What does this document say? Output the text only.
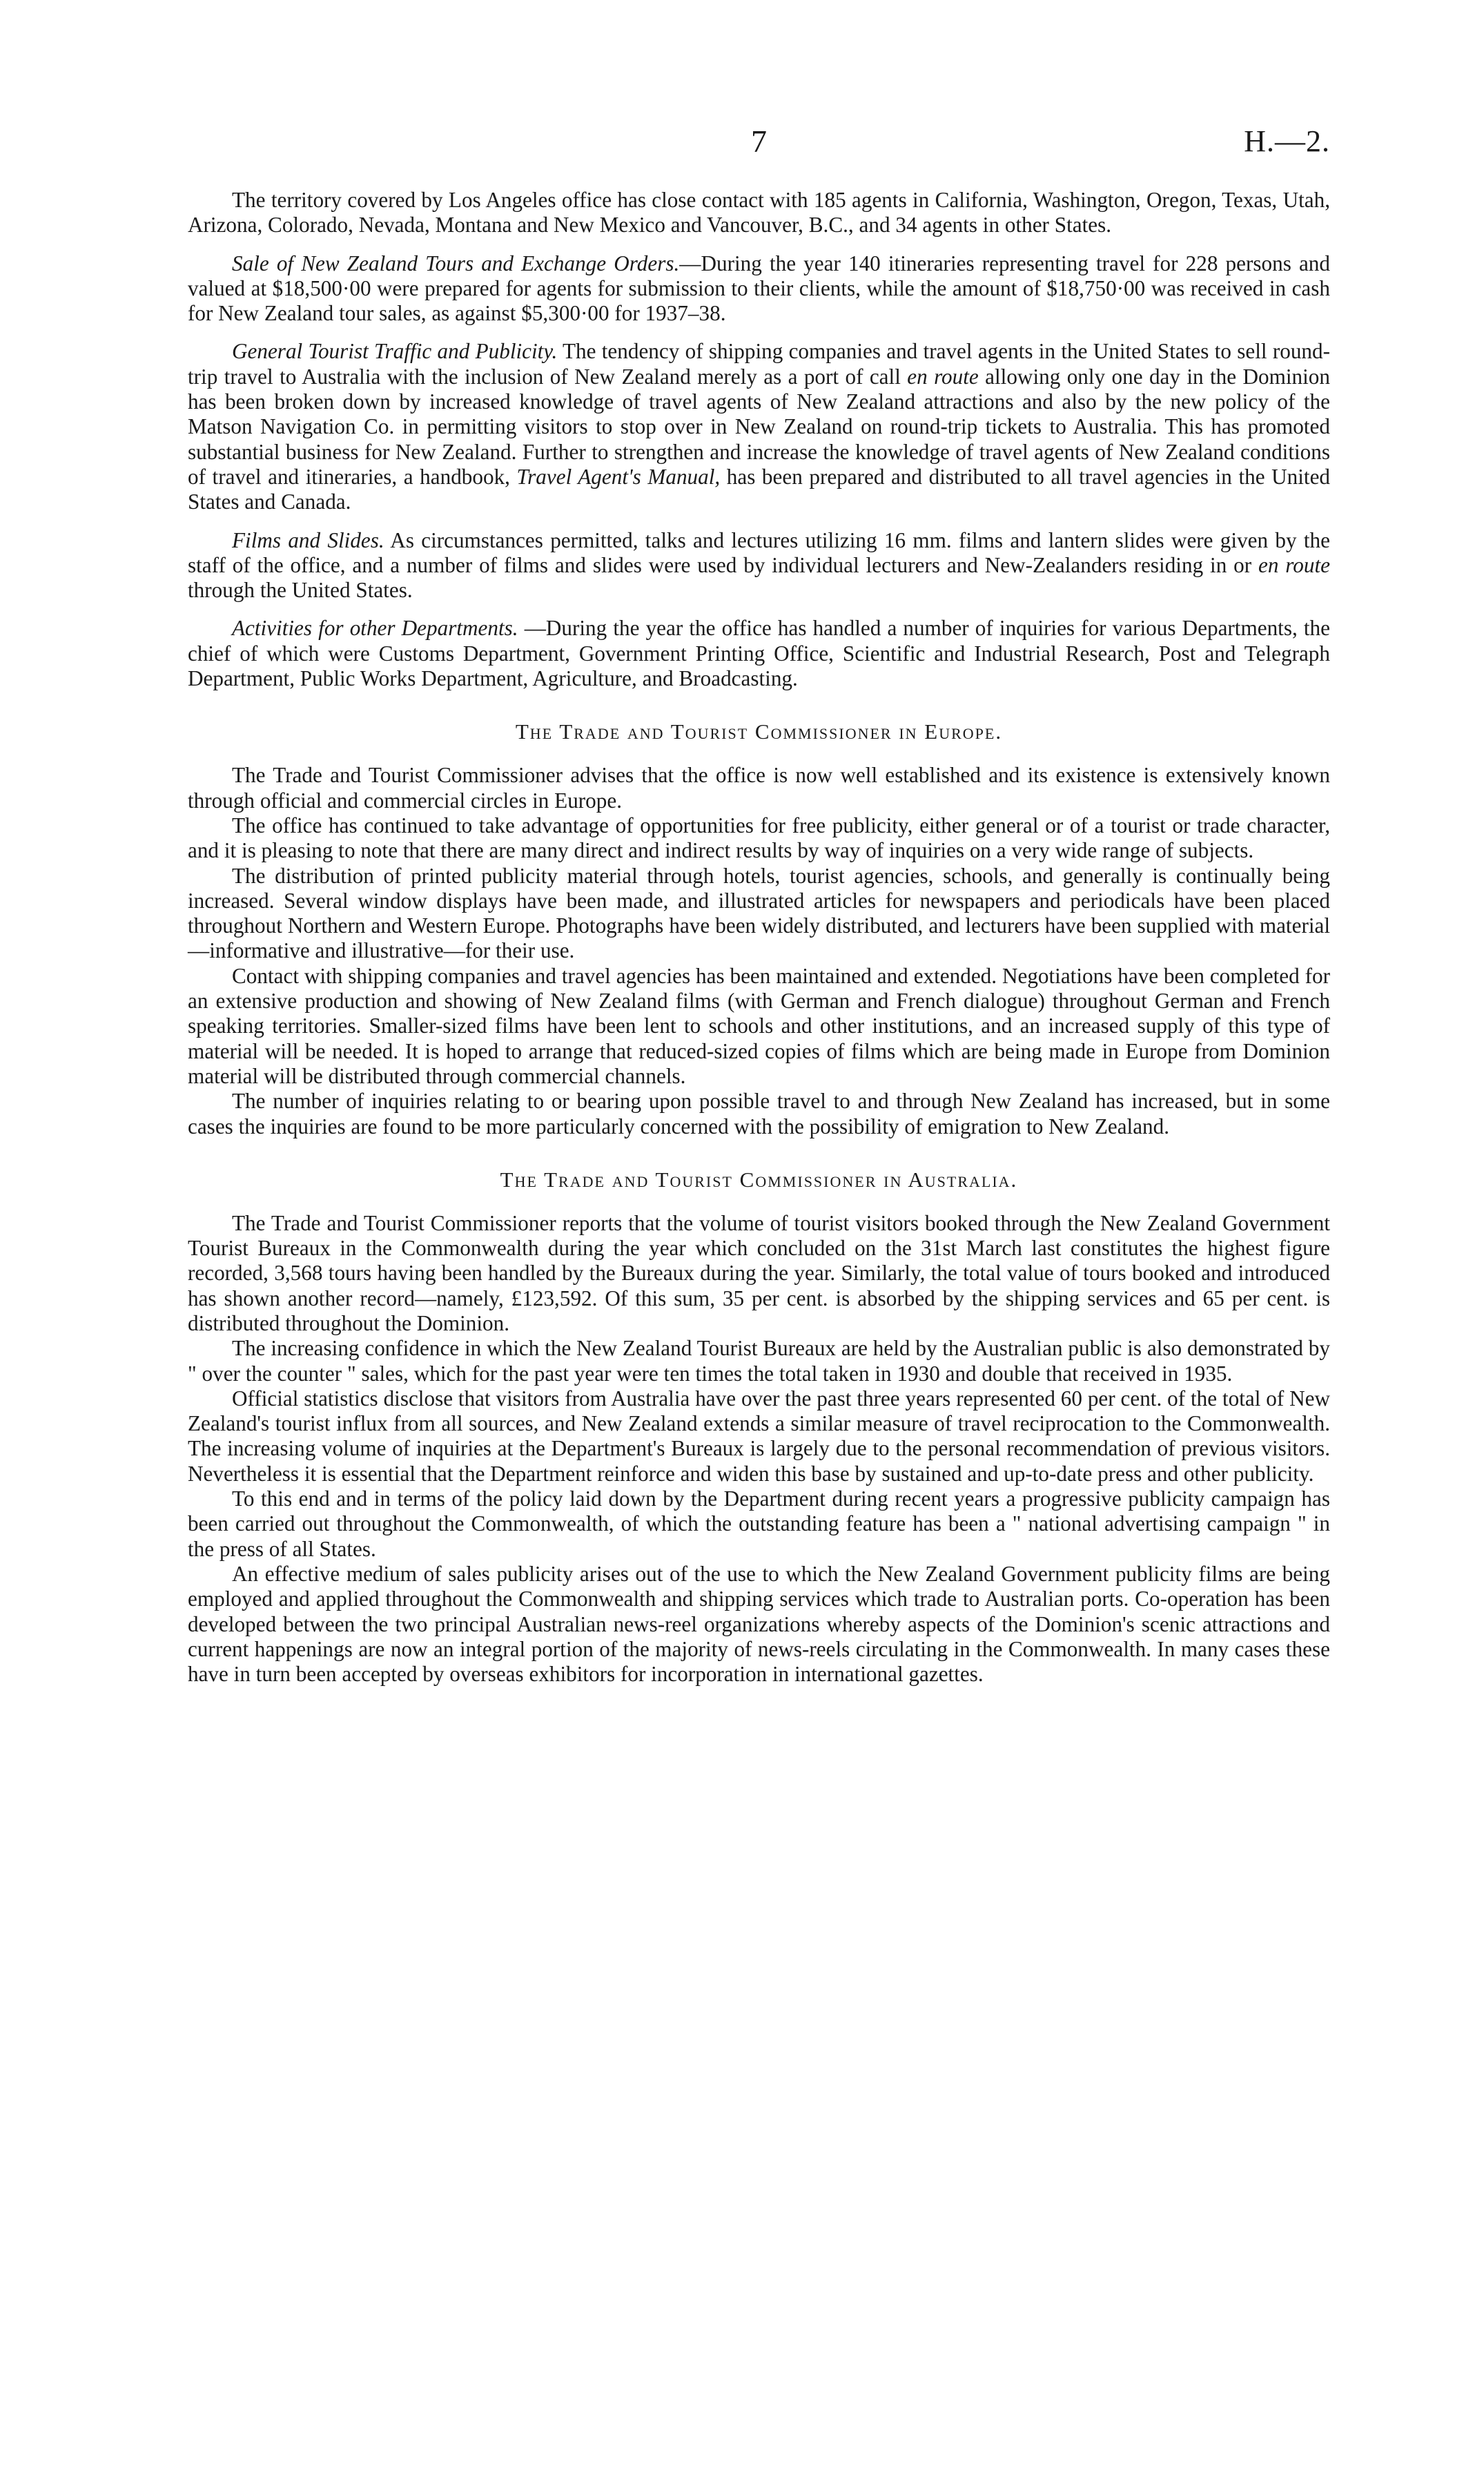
7	H.—2.

The territory covered by Los Angeles office has close contact with 185 agents in California, Washington, Oregon, Texas, Utah, Arizona, Colorado, Nevada, Montana and New Mexico and Vancouver, B.C., and 34 agents in other States.

Sale of New Zealand Tours and Exchange Orders.—During the year 140 itineraries representing travel for 228 persons and valued at $18,500·00 were prepared for agents for submission to their clients, while the amount of $18,750·00 was received in cash for New Zealand tour sales, as against $5,300·00 for 1937–38.

General Tourist Traffic and Publicity. The tendency of shipping companies and travel agents in the United States to sell round-trip travel to Australia with the inclusion of New Zealand merely as a port of call en route allowing only one day in the Dominion has been broken down by increased knowledge of travel agents of New Zealand attractions and also by the new policy of the Matson Navigation Co. in permitting visitors to stop over in New Zealand on round-trip tickets to Australia. This has promoted substantial business for New Zealand. Further to strengthen and increase the knowledge of travel agents of New Zealand conditions of travel and itineraries, a handbook, Travel Agent's Manual, has been prepared and distributed to all travel agencies in the United States and Canada.

Films and Slides. As circumstances permitted, talks and lectures utilizing 16 mm. films and lantern slides were given by the staff of the office, and a number of films and slides were used by individual lecturers and New-Zealanders residing in or en route through the United States.

Activities for other Departments. —During the year the office has handled a number of inquiries for various Departments, the chief of which were Customs Department, Government Printing Office, Scientific and Industrial Research, Post and Telegraph Department, Public Works Department, Agriculture, and Broadcasting.

The Trade and Tourist Commissioner in Europe.

The Trade and Tourist Commissioner advises that the office is now well established and its existence is extensively known through official and commercial circles in Europe.

The office has continued to take advantage of opportunities for free publicity, either general or of a tourist or trade character, and it is pleasing to note that there are many direct and indirect results by way of inquiries on a very wide range of subjects.

The distribution of printed publicity material through hotels, tourist agencies, schools, and generally is continually being increased. Several window displays have been made, and illustrated articles for newspapers and periodicals have been placed throughout Northern and Western Europe. Photographs have been widely distributed, and lecturers have been supplied with material—informative and illustrative—for their use.

Contact with shipping companies and travel agencies has been maintained and extended. Negotiations have been completed for an extensive production and showing of New Zealand films (with German and French dialogue) throughout German and French speaking territories. Smaller-sized films have been lent to schools and other institutions, and an increased supply of this type of material will be needed. It is hoped to arrange that reduced-sized copies of films which are being made in Europe from Dominion material will be distributed through commercial channels.

The number of inquiries relating to or bearing upon possible travel to and through New Zealand has increased, but in some cases the inquiries are found to be more particularly concerned with the possibility of emigration to New Zealand.

The Trade and Tourist Commissioner in Australia.

The Trade and Tourist Commissioner reports that the volume of tourist visitors booked through the New Zealand Government Tourist Bureaux in the Commonwealth during the year which concluded on the 31st March last constitutes the highest figure recorded, 3,568 tours having been handled by the Bureaux during the year. Similarly, the total value of tours booked and introduced has shown another record—namely, £123,592. Of this sum, 35 per cent. is absorbed by the shipping services and 65 per cent. is distributed throughout the Dominion.

The increasing confidence in which the New Zealand Tourist Bureaux are held by the Australian public is also demonstrated by " over the counter " sales, which for the past year were ten times the total taken in 1930 and double that received in 1935.

Official statistics disclose that visitors from Australia have over the past three years represented 60 per cent. of the total of New Zealand's tourist influx from all sources, and New Zealand extends a similar measure of travel reciprocation to the Commonwealth. The increasing volume of inquiries at the Department's Bureaux is largely due to the personal recommendation of previous visitors. Nevertheless it is essential that the Department reinforce and widen this base by sustained and up-to-date press and other publicity.

To this end and in terms of the policy laid down by the Department during recent years a progressive publicity campaign has been carried out throughout the Commonwealth, of which the outstanding feature has been a " national advertising campaign " in the press of all States.

An effective medium of sales publicity arises out of the use to which the New Zealand Government publicity films are being employed and applied throughout the Commonwealth and shipping services which trade to Australian ports. Co-operation has been developed between the two principal Australian news-reel organizations whereby aspects of the Dominion's scenic attractions and current happenings are now an integral portion of the majority of news-reels circulating in the Commonwealth. In many cases these have in turn been accepted by overseas exhibitors for incorporation in international gazettes.
